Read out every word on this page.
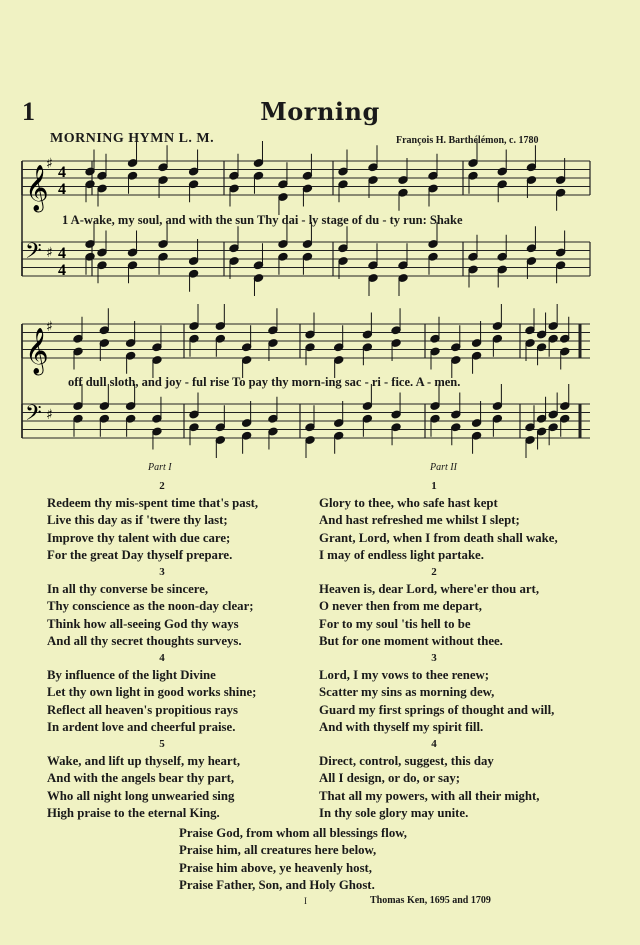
1	Morning
MORNING HYMN L. M.	François H. Barthélémon, c. 1780
𝄞
♯ 4
4
𝄢 ♯ 4
4
𝄞
♯
𝄢 ♯
1 A-wake, my soul, and with the sun Thy dai - ly stage of du - ty run: Shake
off dull sloth, and joy - ful rise To pay thy morn-ing sac - ri - fice. A - men.
Part I	Part II
2
Redeem thy mis-spent time that's past,
Live this day as if 'twere thy last;
Improve thy talent with due care;
For the great Day thyself prepare.
3
In all thy converse be sincere,
Thy conscience as the noon-day clear;
Think how all-seeing God thy ways
And all thy secret thoughts surveys.
4
By influence of the light Divine
Let thy own light in good works shine;
Reflect all heaven's propitious rays
In ardent love and cheerful praise.
5
Wake, and lift up thyself, my heart,
And with the angels bear thy part,
Who all night long unwearied sing
High praise to the eternal King.
1
Glory to thee, who safe hast kept
And hast refreshed me whilst I slept;
Grant, Lord, when I from death shall wake,
I may of endless light partake.
2
Heaven is, dear Lord, where'er thou art,
O never then from me depart,
For to my soul 'tis hell to be
But for one moment without thee.
3
Lord, I my vows to thee renew;
Scatter my sins as morning dew,
Guard my first springs of thought and will,
And with thyself my spirit fill.
4
Direct, control, suggest, this day
All I design, or do, or say;
That all my powers, with all their might,
In thy sole glory may unite.
Praise God, from whom all blessings flow,
Praise him, all creatures here below,
Praise him above, ye heavenly host,
Praise Father, Son, and Holy Ghost.
I	Thomas Ken, 1695 and 1709
